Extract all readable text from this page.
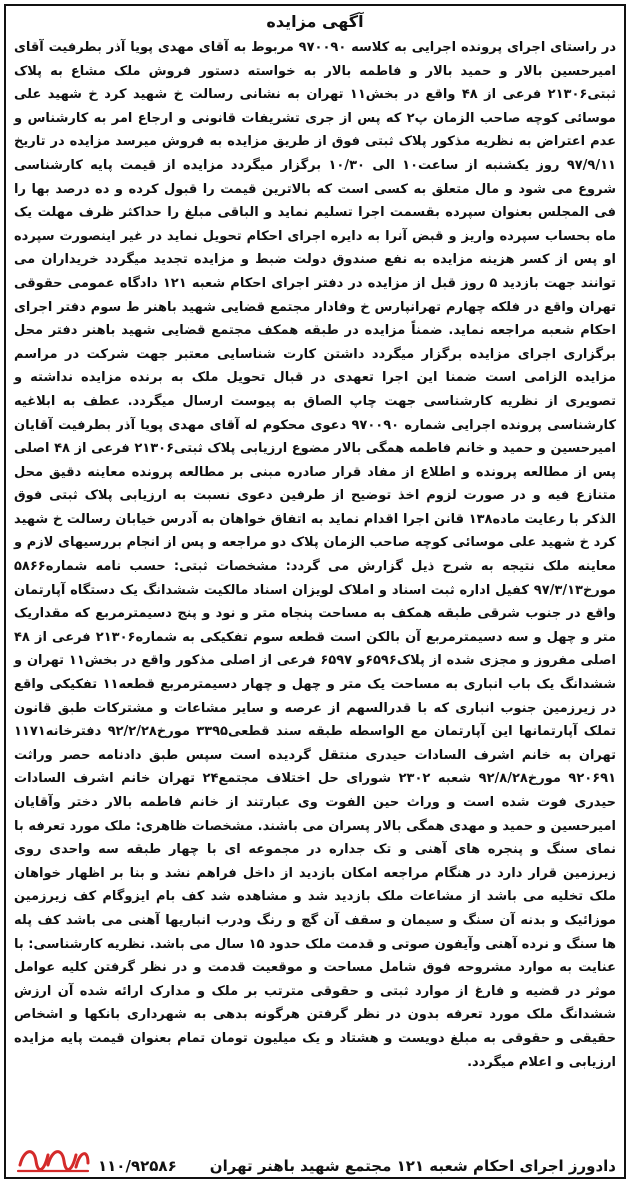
آگهی مزایده

در راستای اجرای پرونده اجرایی به کلاسه ۹۷۰۰۹۰ مربوط به آقای مهدی پویا آذر بطرفیت آقای امیرحسین بالار و حمید بالار و فاطمه بالار به خواسته دستور فروش ملک مشاع به پلاک ثبتی۲۱۳۰۶ فرعی از ۴۸ واقع در بخش۱۱ تهران به نشانی رسالت خ شهید کرد خ شهید علی موسائی کوچه صاحب الزمان پ۲ که پس از جری تشریفات قانونی و ارجاع امر به کارشناس و عدم اعتراض به نظریه مذکور پلاک ثبتی فوق از طریق مزایده به فروش میرسد مزایده در تاریخ ۹۷/۹/۱۱ روز یکشنبه از ساعت۱۰ الی ۱۰/۳۰ برگزار میگردد مزایده از قیمت پایه کارشناسی شروع می شود و مال متعلق به کسی است که بالاترین قیمت را قبول کرده و ده درصد بها را فی المجلس بعنوان سپرده بقسمت اجرا تسلیم نماید و الباقی مبلغ را حداکثر ظرف مهلت یک ماه بحساب سپرده واریز و قبض آنرا به دایره اجرای احکام تحویل نماید در غیر اینصورت سپرده او پس از کسر هزینه مزایده به نفع صندوق دولت ضبط و مزایده تجدید میگردد خریداران می توانند جهت بازدید ۵ روز قبل از مزایده در دفتر اجرای احکام شعبه ۱۲۱ دادگاه عمومی حقوقی تهران واقع در فلکه چهارم تهرانپارس خ وفادار مجتمع قضایی شهید باهنر ط سوم دفتر اجرای احکام شعبه مراجعه نماید. ضمناً مزایده در طبقه همکف مجتمع قضایی شهید باهنر دفتر محل برگزاری اجرای مزایده برگزار میگردد داشتن کارت شناسایی معتبر جهت شرکت در مراسم مزایده الزامی است ضمنا این اجرا تعهدی در قبال تحویل ملک به برنده مزایده نداشته و تصویری از نظریه کارشناسی جهت چاپ الصاق به پیوست ارسال میگردد. عطف به ابلاغیه کارشناسی پرونده اجرایی شماره ۹۷۰۰۹۰ دعوی محکوم له آقای مهدی پویا آذر بطرفیت آقایان امیرحسین و حمید و خانم فاطمه همگی بالار مضوع ارزیابی پلاک ثبتی۲۱۳۰۶ فرعی از ۴۸ اصلی پس از مطالعه پرونده و اطلاع از مفاد قرار صادره مبنی بر مطالعه پرونده معاینه دقیق محل متنازع فیه و در صورت لزوم اخذ توضیح از طرفین دعوی نسبت به ارزیابی پلاک ثبتی فوق الذکر با رعایت ماده۱۳۸ قانن اجرا اقدام نماید به اتفاق خواهان به آدرس خیابان رسالت خ شهید کرد خ شهید علی موسائی کوچه صاحب الزمان پلاک دو مراجعه و پس از انجام بررسیهای لازم و معاینه ملک نتیجه به شرح ذیل گزارش می گردد: مشخصات ثبتی: حسب نامه شماره۵۸۶۶ مورخ۹۷/۳/۱۳ کفیل اداره ثبت اسناد و املاک لویزان اسناد مالکیت ششدانگ یک دستگاه آپارتمان واقع در جنوب شرقی طبقه همکف به مساحت پنجاه متر و نود و پنج دسیمترمربع که مقداریک متر و چهل و سه دسیمترمربع آن بالکن است قطعه سوم تفکیکی به شماره۲۱۳۰۶ فرعی از ۴۸ اصلی مفروز و مجزی شده از پلاک۶۵۹۶و ۶۵۹۷ فرعی از اصلی مذکور واقع در بخش۱۱ تهران و ششدانگ یک باب انباری به مساحت یک متر و چهل و چهار دسیمترمربع قطعه۱۱ تفکیکی واقع در زیرزمین جنوب انباری که با قدرالسهم از عرصه و سایر مشاعات و مشترکات طبق قانون تملک آپارتمانها این آپارتمان مع الواسطه طبقه سند قطعی۳۳۹۵ مورخ۹۲/۲/۲۸ دفترخانه۱۱۷۱ تهران به خانم اشرف السادات حیدری منتقل گردیده است سپس طبق دادنامه حصر وراثت ۹۲۰۶۹۱ مورخ۹۲/۸/۲۸ شعبه ۲۳۰۲ شورای حل اختلاف مجتمع۲۴ تهران خانم اشرف السادات حیدری فوت شده است و وراث حین الفوت وی عبارتند از خانم فاطمه بالار دختر وآقایان امیرحسین و حمید و مهدی همگی بالار پسران می باشند. مشخصات ظاهری: ملک مورد تعرفه با نمای سنگ و پنجره های آهنی و تک جداره در مجموعه ای با چهار طبقه سه واحدی روی زیرزمین قرار دارد در هنگام مراجعه امکان بازدید از داخل فراهم نشد و بنا بر اظهار خواهان ملک تخلیه می باشد از مشاعات ملک بازدید شد و مشاهده شد کف بام ایزوگام کف زیرزمین موزائیک و بدنه آن سنگ و سیمان و سقف آن گچ و رنگ ودرب انباریها آهنی می باشد کف پله ها سنگ و نرده آهنی وآیفون صوتی و قدمت ملک حدود ۱۵ سال می باشد. نظریه کارشناسی: با عنایت به موارد مشروحه فوق شامل مساحت و موقعیت قدمت و در نظر گرفتن کلیه عوامل موثر در قضیه و فارغ از موارد ثبتی و حقوقی مترتب بر ملک و مدارک ارائه شده آن ارزش ششدانگ ملک مورد تعرفه بدون در نظر گرفتن هرگونه بدهی به شهرداری بانکها و اشخاص حقیقی و حقوقی به مبلغ دویست و هشتاد و یک میلیون تومان تمام بعنوان قیمت پایه مزایده ارزیابی و اعلام میگردد.

دادورز اجرای احکام شعبه ۱۲۱ مجتمع شهید باهنر تهران
۱۱۰/۹۲۵۸۶
